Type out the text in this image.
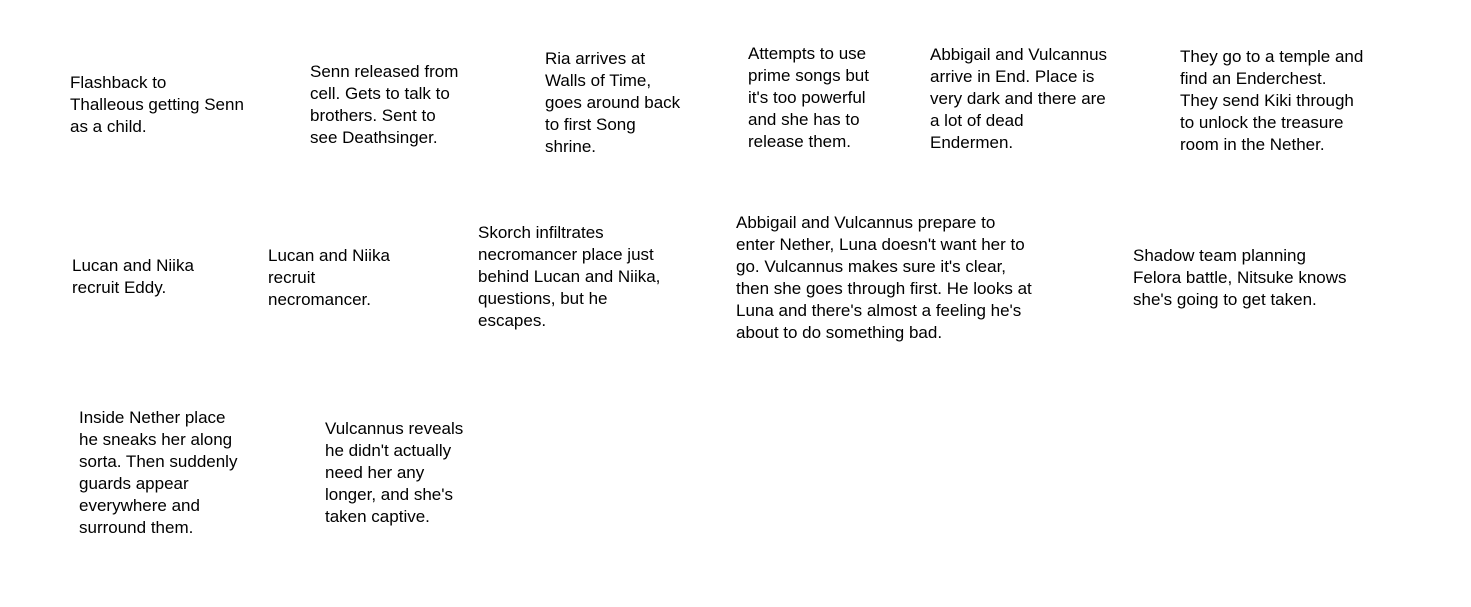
Flashback to
Thalleous getting Senn
as a child.

Senn released from
cell. Gets to talk to
brothers. Sent to
see Deathsinger.

Ria arrives at
Walls of Time,
goes around back
to first Song
shrine.

Attempts to use
prime songs but
it's too powerful
and she has to
release them.

Abbigail and Vulcannus
arrive in End. Place is
very dark and there are
a lot of dead
Endermen.

They go to a temple and
find an Enderchest.
They send Kiki through
to unlock the treasure
room in the Nether.

Lucan and Niika
recruit Eddy.

Lucan and Niika
recruit
necromancer.

Skorch infiltrates
necromancer place just
behind Lucan and Niika,
questions, but he
escapes.

Abbigail and Vulcannus prepare to
enter Nether, Luna doesn't want her to
go. Vulcannus makes sure it's clear,
then she goes through first. He looks at
Luna and there's almost a feeling he's
about to do something bad.

Shadow team planning
Felora battle, Nitsuke knows
she's going to get taken.

Inside Nether place
he sneaks her along
sorta. Then suddenly
guards appear
everywhere and
surround them.

Vulcannus reveals
he didn't actually
need her any
longer, and she's
taken captive.
